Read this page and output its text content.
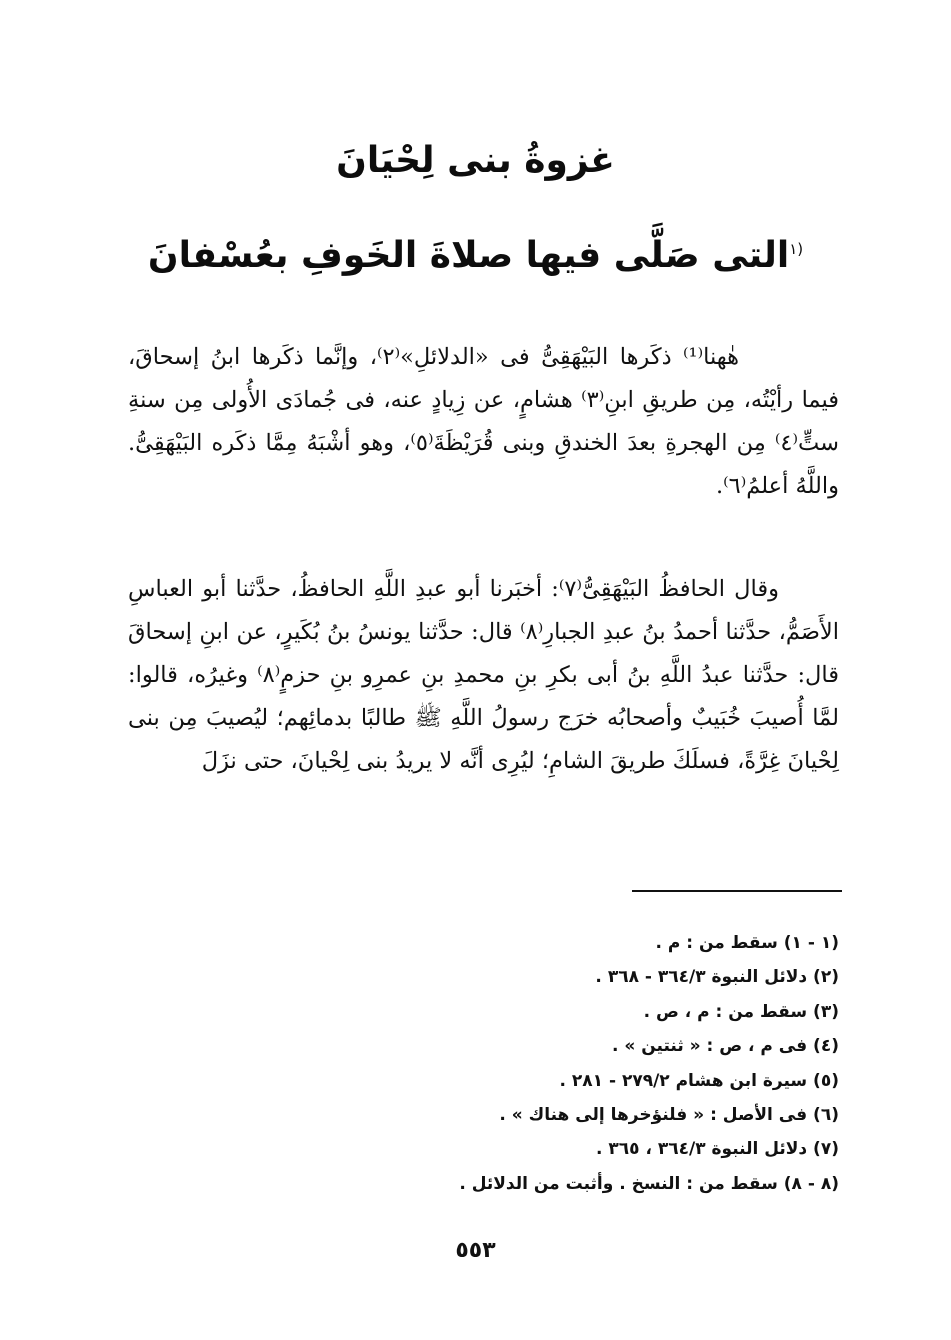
غزوةُ بنى لِحْيَانَ
$^{(١}$التى صَلَّى فيها صلاةَ الخَوفِ بعُسْفانَ

هٰهنا⁽¹⁾ ذكَرها البَيْهَقِىُّ فى «الدلائلِ»⁽٢⁾، وإنَّما ذكَرها ابنُ إسحاقَ، فيما رأيْتُه، مِن طريقِ ابنِ⁽٣⁾ هشامٍ، عن زِيادٍ عنه، فى جُمادَى الأُولى مِن سنةِ ستٍّ⁽٤⁾ مِن الهجرةِ بعدَ الخندقِ وبنى قُرَيْظَةَ⁽٥⁾، وهو أشْبَهُ مِمَّا ذكَره البَيْهَقِىُّ. واللَّهُ أعلمُ⁽٦⁾.

وقال الحافظُ البَيْهَقِىُّ⁽٧⁾: أخبَرنا أبو عبدِ اللَّهِ الحافظُ، حدَّثنا أبو العباسِ الأَصَمُّ، حدَّثنا أحمدُ بنُ عبدِ الجبارِ⁽٨⁾ قال: حدَّثنا يونسُ بنُ بُكَيرٍ، عن ابنِ إسحاقَ قال: حدَّثنا عبدُ اللَّهِ بنُ أبى بكرِ بنِ محمدِ بنِ عمرِو بنِ حزمٍ⁽٨⁾ وغيرُه، قالوا: لمَّا أُصيبَ خُبَيبٌ وأصحابُه خرَج رسولُ اللَّهِ ﷺ طالبًا بدمائِهم؛ ليُصيبَ مِن بنى لِحْيانَ غِرَّةً، فسلَكَ طريقَ الشامِ؛ ليُرِى أنَّه لا يريدُ بنى لِحْيانَ، حتى نزَلَ

(١ - ١) سقط من : م .
(٢) دلائل النبوة ٣٦٤/٣ - ٣٦٨ .
(٣) سقط من : م ، ص .
(٤) فى م ، ص : « ثنتين » .
(٥) سيرة ابن هشام ٢٧٩/٢ - ٢٨١ .
(٦) فى الأصل : « فلنؤخرها إلى هناك » .
(٧) دلائل النبوة ٣٦٤/٣ ، ٣٦٥ .
(٨ - ٨) سقط من : النسخ . وأثبت من الدلائل .
٥٥٣
